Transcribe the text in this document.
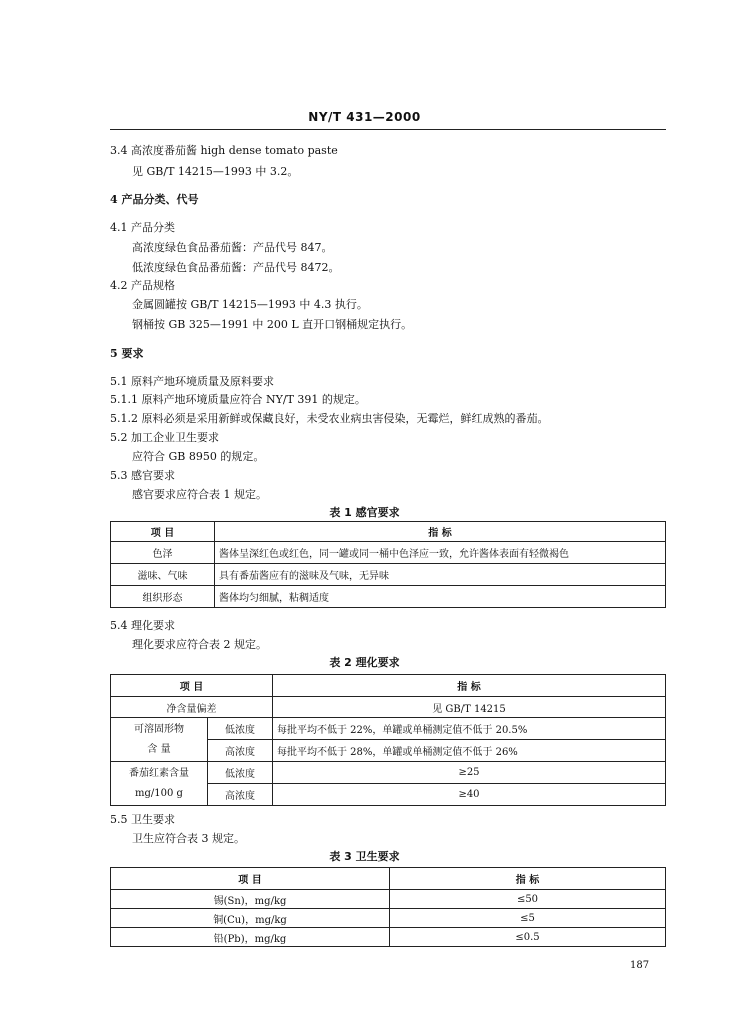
NY/T 431—2000
3.4 高浓度番茄酱 high dense tomato paste
见 GB/T 14215—1993 中 3.2。
4 产品分类、代号
4.1 产品分类
高浓度绿色食品番茄酱：产品代号 847。
低浓度绿色食品番茄酱：产品代号 8472。
4.2 产品规格
金属圆罐按 GB/T 14215—1993 中 4.3 执行。
钢桶按 GB 325—1991 中 200 L 直开口钢桶规定执行。
5 要求
5.1 原料产地环境质量及原料要求
5.1.1 原料产地环境质量应符合 NY/T 391 的规定。
5.1.2 原料必须是采用新鲜或保藏良好，未受农业病虫害侵染，无霉烂，鲜红成熟的番茄。
5.2 加工企业卫生要求
应符合 GB 8950 的规定。
5.3 感官要求
感官要求应符合表 1 规定。
表 1 感官要求
项 目	指 标
色泽	酱体呈深红色或红色，同一罐或同一桶中色泽应一致，允许酱体表面有轻微褐色
滋味、气味	具有番茄酱应有的滋味及气味，无异味
组织形态	酱体均匀细腻，粘稠适度
5.4 理化要求
理化要求应符合表 2 规定。
表 2 理化要求
项 目		指 标
净含量偏差		见 GB/T 14215

可溶固形物
含 量	低浓度	每批平均不低于 22%，单罐或单桶测定值不低于 20.5%
	高浓度	每批平均不低于 28%，单罐或单桶测定值不低于 26%

番茄红素含量
mg/100 g	低浓度	≥25
	高浓度	≥40
5.5 卫生要求
卫生应符合表 3 规定。
表 3 卫生要求
项 目	指 标
锡(Sn)，mg/kg	≤50
铜(Cu)，mg/kg	≤5
铅(Pb)，mg/kg	≤0.5
187
